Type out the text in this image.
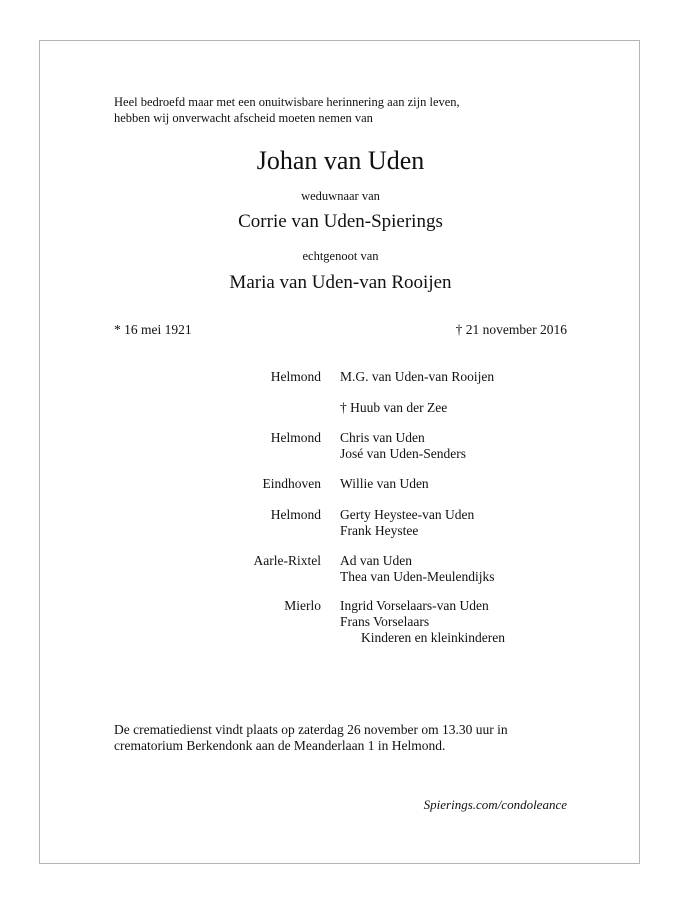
Heel bedroefd maar met een onuitwisbare herinnering aan zijn leven,
hebben wij onverwacht afscheid moeten nemen van
Johan van Uden
weduwnaar van
Corrie van Uden-Spierings
echtgenoot van
Maria van Uden-van Rooijen
* 16 mei 1921	† 21 november 2016
Helmond M.G. van Uden-van Rooijen
† Huub van der Zee
Helmond Chris van Uden
José van Uden-Senders
Eindhoven Willie van Uden
Helmond Gerty Heystee-van Uden
Frank Heystee
Aarle-Rixtel Ad van Uden
Thea van Uden-Meulendijks
Mierlo Ingrid Vorselaars-van Uden
Frans Vorselaars
Kinderen en kleinkinderen
De crematiedienst vindt plaats op zaterdag 26 november om 13.30 uur in
crematorium Berkendonk aan de Meanderlaan 1 in Helmond.
Spierings.com/condoleance
